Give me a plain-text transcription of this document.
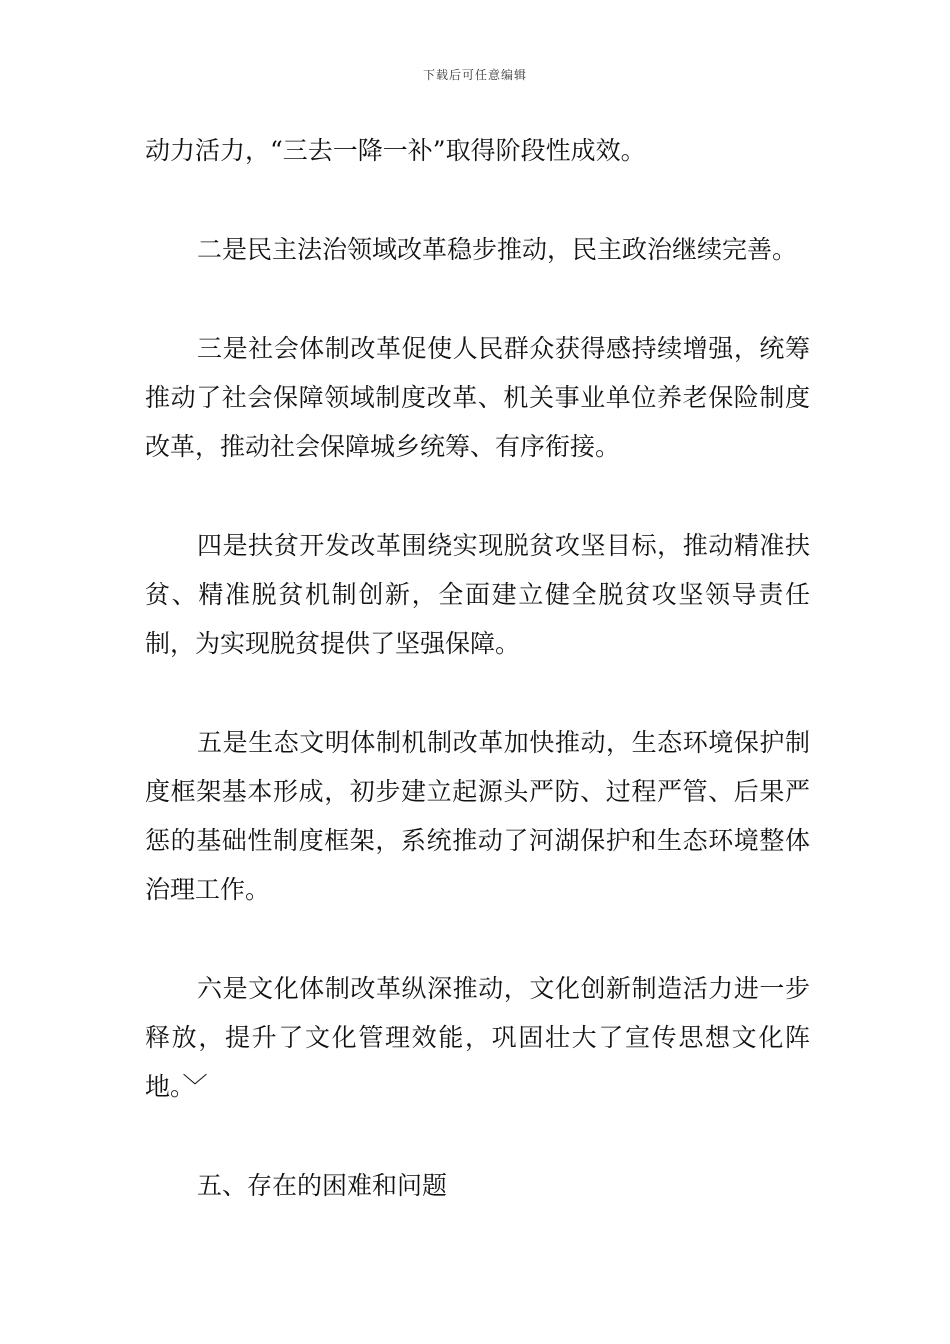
下载后可任意编辑

动力活力，“三去一降一补”取得阶段性成效。

二是民主法治领域改革稳步推动，民主政治继续完善。

三是社会体制改革促使人民群众获得感持续增强，统筹推动了社会保障领域制度改革、机关事业单位养老保险制度改革，推动社会保障城乡统筹、有序衔接。

四是扶贫开发改革围绕实现脱贫攻坚目标，推动精准扶贫、精准脱贫机制创新，全面建立健全脱贫攻坚领导责任制，为实现脱贫提供了坚强保障。

五是生态文明体制机制改革加快推动，生态环境保护制度框架基本形成，初步建立起源头严防、过程严管、后果严惩的基础性制度框架，系统推动了河湖保护和生态环境整体治理工作。

六是文化体制改革纵深推动，文化创新制造活力进一步释放，提升了文化管理效能，巩固壮大了宣传思想文化阵地。﹀

五、存在的困难和问题
